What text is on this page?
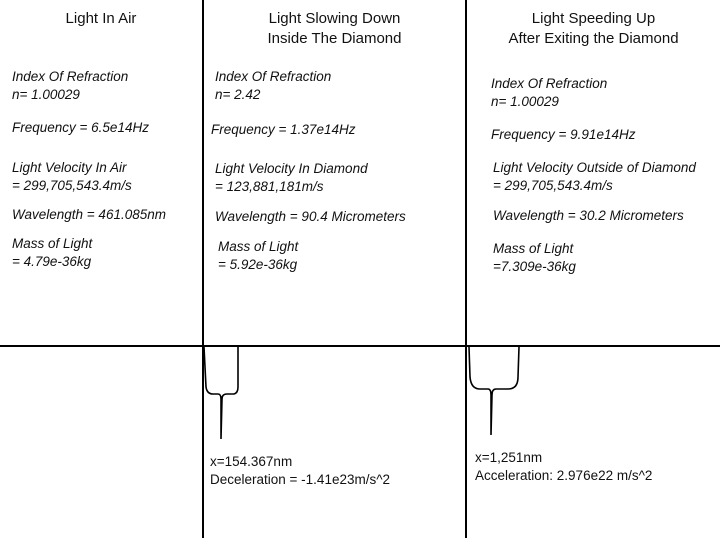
Light In Air
Index Of Refraction
n= 1.00029
Frequency = 6.5e14Hz
Light Velocity In Air
= 299,705,543.4m/s
Wavelength = 461.085nm
Mass of Light
= 4.79e-36kg
Light Slowing Down
Inside The Diamond
Index Of Refraction
n= 2.42
Frequency = 1.37e14Hz
Light Velocity In Diamond
= 123,881,181m/s
Wavelength = 90.4 Micrometers
Mass of Light
= 5.92e-36kg
Light Speeding Up
After Exiting the Diamond
Index Of Refraction
n= 1.00029
Frequency = 9.91e14Hz
Light Velocity Outside of Diamond
= 299,705,543.4m/s
Wavelength = 30.2 Micrometers
Mass of Light
=7.309e-36kg
x=154.367nm
Deceleration = -1.41e23m/s^2
x=1,251nm
Acceleration: 2.976e22 m/s^2
